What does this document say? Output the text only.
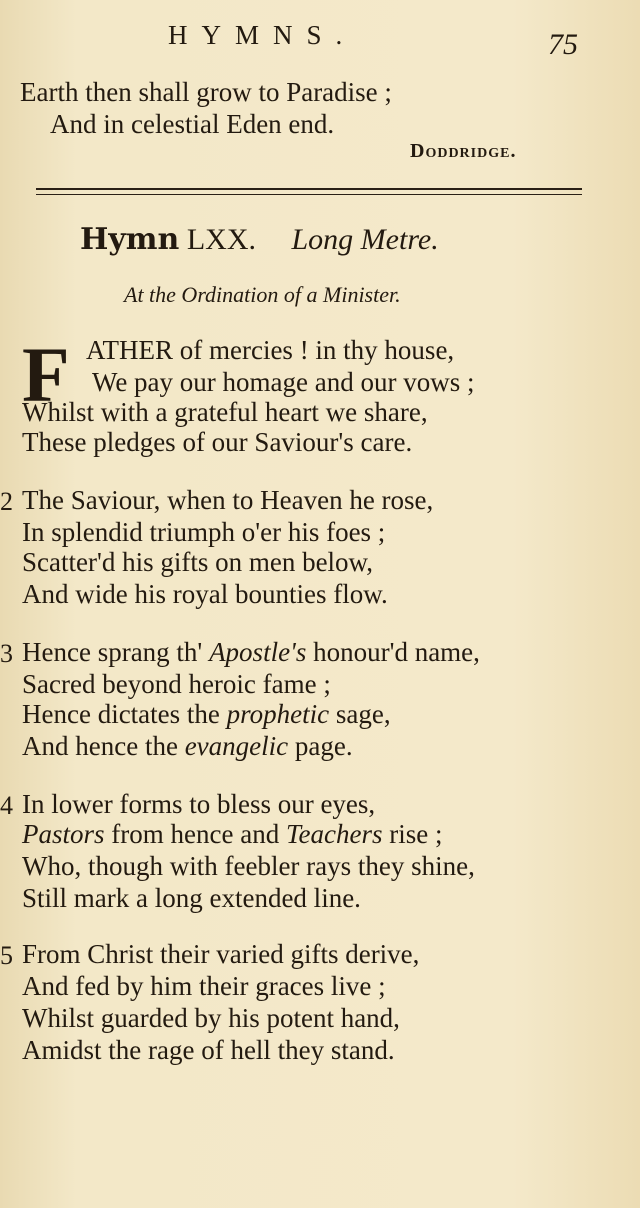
HYMNS.	75
Earth then shall grow to Paradise ;
And in celestial Eden end.
Doddridge.
Hymn LXX. Long Metre.
At the Ordination of a Minister.
F ATHER of mercies ! in thy house,
We pay our homage and our vows ;
Whilst with a grateful heart we share,
These pledges of our Saviour's care.
2 The Saviour, when to Heaven he rose,
In splendid triumph o'er his foes ;
Scatter'd his gifts on men below,
And wide his royal bounties flow.
3 Hence sprang th' Apostle's honour'd name,
Sacred beyond heroic fame ;
Hence dictates the prophetic sage,
And hence the evangelic page.
4 In lower forms to bless our eyes,
Pastors from hence and Teachers rise ;
Who, though with feebler rays they shine,
Still mark a long extended line.
5 From Christ their varied gifts derive,
And fed by him their graces live ;
Whilst guarded by his potent hand,
Amidst the rage of hell they stand.
